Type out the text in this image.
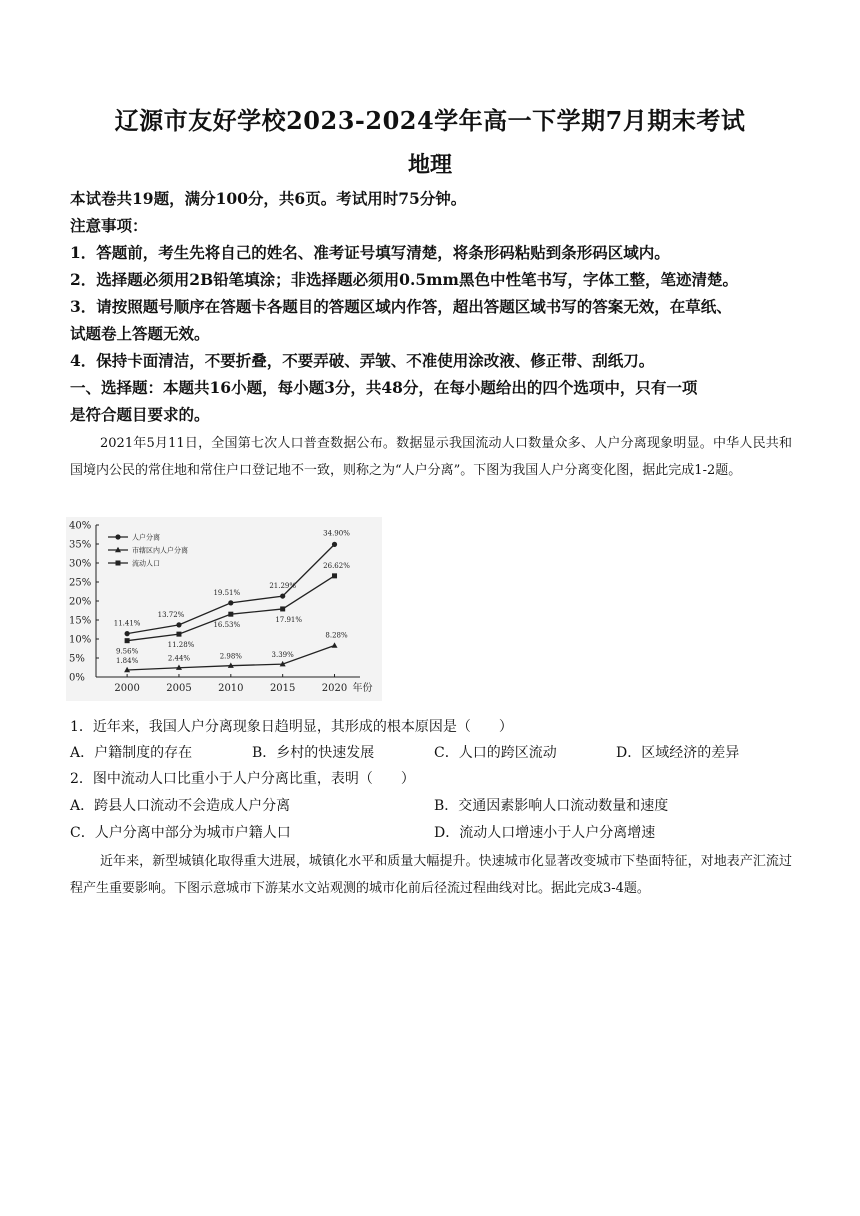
辽源市友好学校2023-2024学年高一下学期7月期末考试
地理
本试卷共19题，满分100分，共6页。考试用时75分钟。
注意事项：
1．答题前，考生先将自己的姓名、准考证号填写清楚，将条形码粘贴到条形码区域内。
2．选择题必须用2B铅笔填涂；非选择题必须用0.5mm黑色中性笔书写，字体工整，笔迹清楚。
3．请按照题号顺序在答题卡各题目的答题区域内作答，超出答题区域书写的答案无效，在草纸、
试题卷上答题无效。
4．保持卡面清洁，不要折叠，不要弄破、弄皱、不准使用涂改液、修正带、刮纸刀。
一、选择题：本题共16小题，每小题3分，共48分，在每小题给出的四个选项中，只有一项
是符合题目要求的。
2021年5月11日，全国第七次人口普查数据公布。数据显示我国流动人口数量众多、人户分离现象明显。中华人民共和国境内公民的常住地和常住户口登记地不一致，则称之为“人户分离”。下图为我国人户分离变化图，据此完成1-2题。
0%
5%
10%
15%
20%
25%
30%
35%
40%
2000	2005	2010	2015	2020 年份
11.41%
13.72%
19.51%
21.29%
34.90%
1.84%	2.44%	2.98%	3.39%
8.28%
9.56%
11.28%
16.53%
17.91%
26.62%
人户分离
市辖区内人户分离
流动人口
1．近年来，我国人户分离现象日趋明显，其形成的根本原因是（　　）
A．户籍制度的存在	B．乡村的快速发展	C．人口的跨区流动	D．区域经济的差异
2．图中流动人口比重小于人户分离比重，表明（　　）
A．跨县人口流动不会造成人户分离	B．交通因素影响人口流动数量和速度
C．人户分离中部分为城市户籍人口	D．流动人口增速小于人户分离增速
近年来，新型城镇化取得重大进展，城镇化水平和质量大幅提升。快速城市化显著改变城市下垫面特征，对地表产汇流过程产生重要影响。下图示意城市下游某水文站观测的城市化前后径流过程曲线对比。据此完成3-4题。
